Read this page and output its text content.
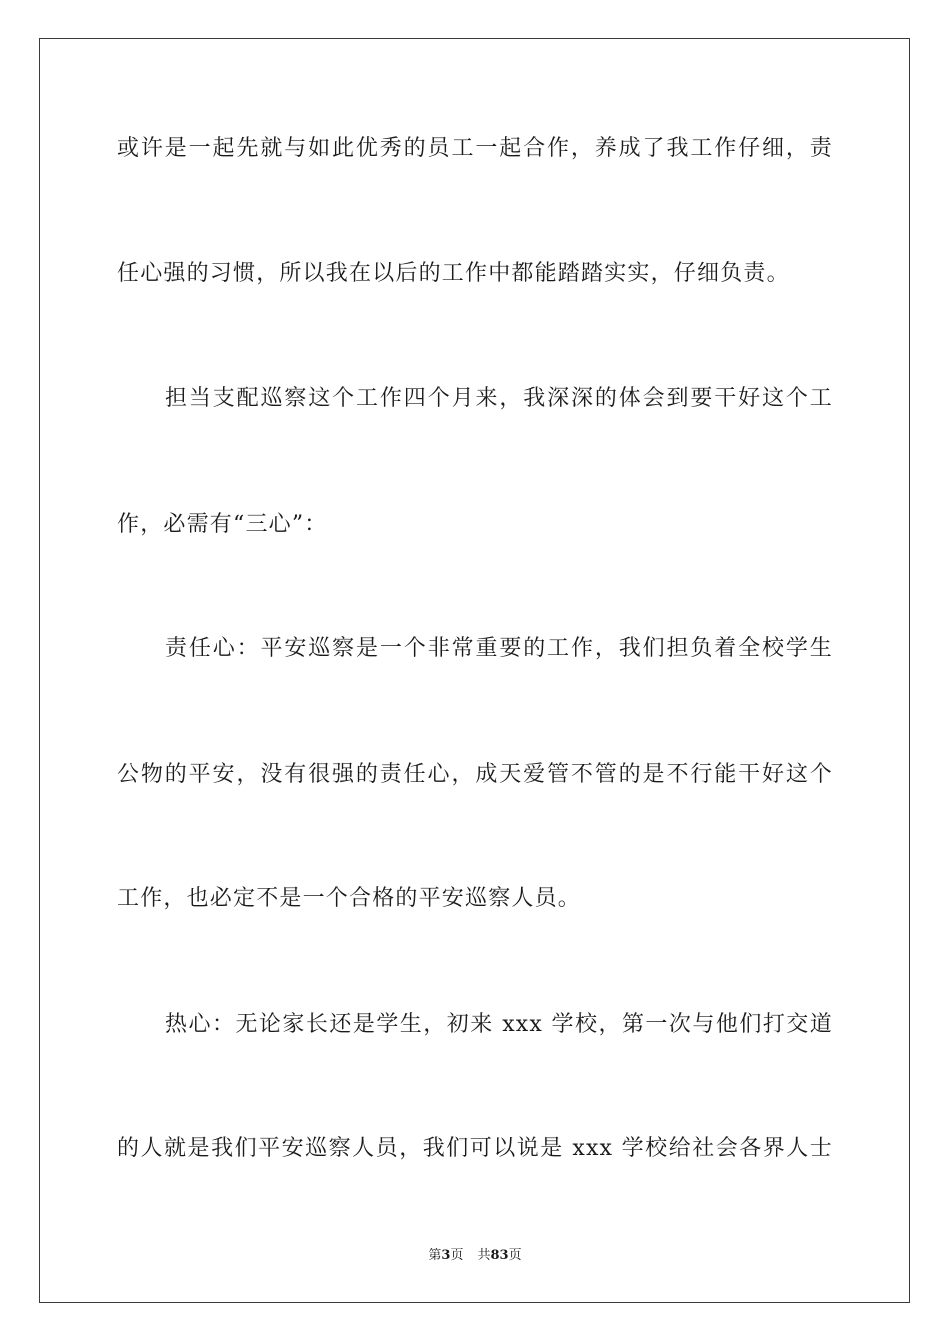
或许是一起先就与如此优秀的员工一起合作，养成了我工作仔细，责
任心强的习惯，所以我在以后的工作中都能踏踏实实，仔细负责。
担当支配巡察这个工作四个月来，我深深的体会到要干好这个工
作，必需有“三心”：
责任心：平安巡察是一个非常重要的工作，我们担负着全校学生
公物的平安，没有很强的责任心，成天爱管不管的是不行能干好这个
工作，也必定不是一个合格的平安巡察人员。
热心：无论家长还是学生，初来 xxx 学校，第一次与他们打交道
的人就是我们平安巡察人员，我们可以说是 xxx 学校给社会各界人士
第3页 共83页
